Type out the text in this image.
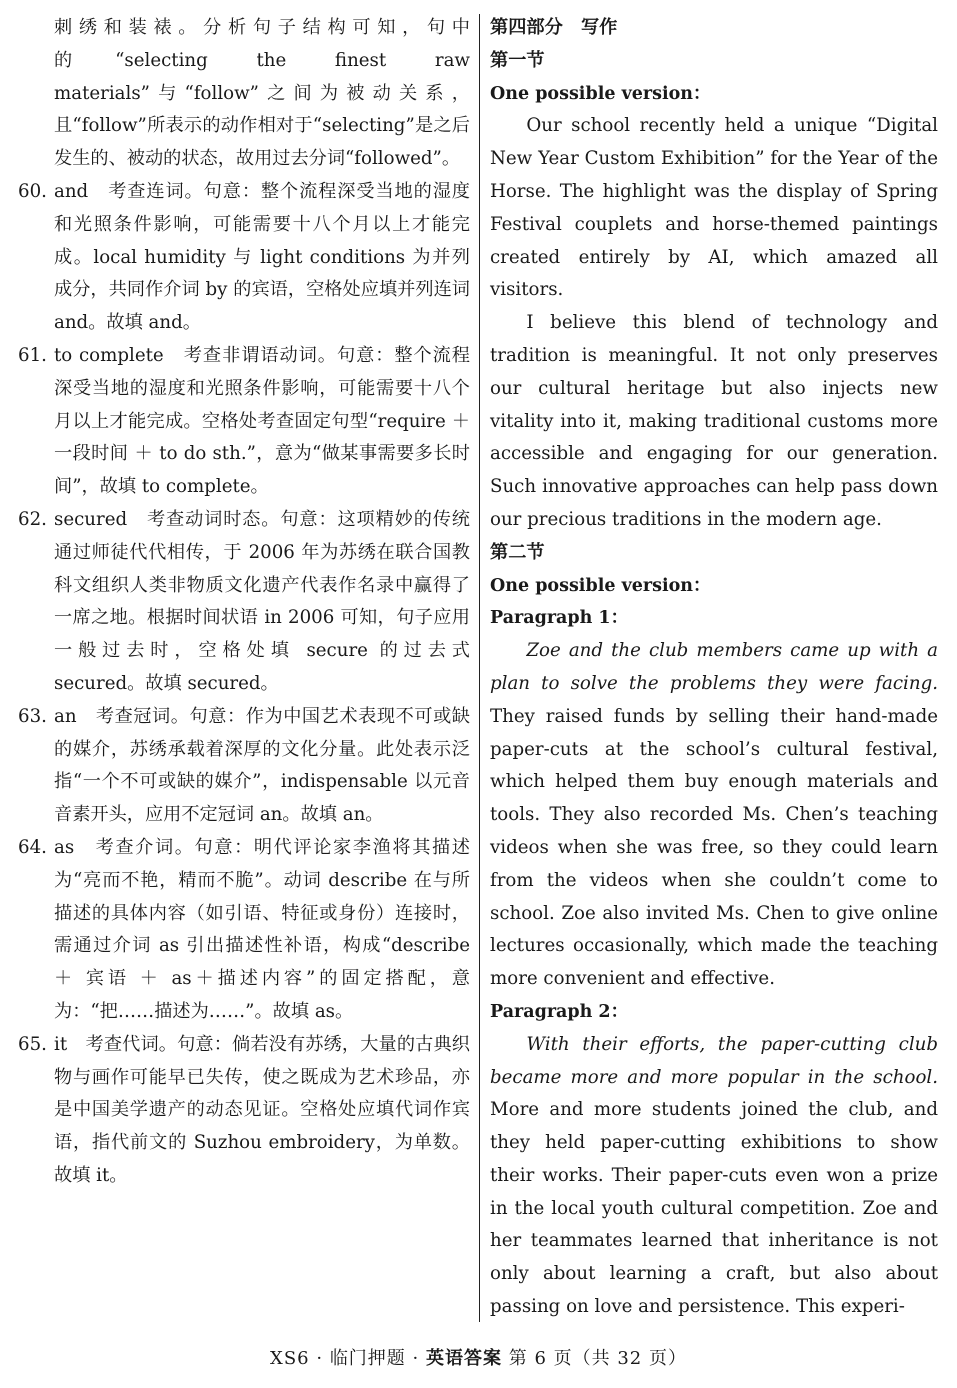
刺绣和装裱。分析句子结构可知，句中的“selecting the finest raw materials”与“follow”之间为被动关系，且“follow”所表示的动作相对于“selecting”是之后发生的、被动的状态，故用过去分词“followed”。
60. and　考查连词。句意：整个流程深受当地的湿度和光照条件影响，可能需要十八个月以上才能完成。local humidity 与 light conditions 为并列成分，共同作介词 by 的宾语，空格处应填并列连词 and。故填 and。
61. to complete　考查非谓语动词。句意：整个流程深受当地的湿度和光照条件影响，可能需要十八个月以上才能完成。空格处考查固定句型“require ＋ 一段时间 ＋ to do sth.”，意为“做某事需要多长时间”，故填 to complete。
62. secured　考查动词时态。句意：这项精妙的传统通过师徒代代相传，于 2006 年为苏绣在联合国教科文组织人类非物质文化遗产代表作名录中赢得了一席之地。根据时间状语 in 2006 可知，句子应用一般过去时，空格处填 secure 的过去式 secured。故填 secured。
63. an　考查冠词。句意：作为中国艺术表现不可或缺的媒介，苏绣承载着深厚的文化分量。此处表示泛指“一个不可或缺的媒介”，indispensable 以元音音素开头，应用不定冠词 an。故填 an。
64. as　考查介词。句意：明代评论家李渔将其描述为“亮而不艳，精而不脆”。动词 describe 在与所描述的具体内容（如引语、特征或身份）连接时，需通过介词 as 引出描述性补语，构成“describe ＋ 宾语 ＋ as＋描述内容”的固定搭配，意为：“把……描述为……”。故填 as。
65. it　考查代词。句意：倘若没有苏绣，大量的古典织物与画作可能早已失传，使之既成为艺术珍品，亦是中国美学遗产的动态见证。空格处应填代词作宾语，指代前文的 Suzhou embroidery，为单数。故填 it。
第四部分　写作
第一节
One possible version：
Our school recently held a unique “Digital New Year Custom Exhibition” for the Year of the Horse. The highlight was the display of Spring Festival couplets and horse-themed paintings created entirely by AI, which amazed all visitors.
I believe this blend of technology and tradition is meaningful. It not only preserves our cultural heritage but also injects new vitality into it, making traditional customs more accessible and engaging for our generation. Such innovative approaches can help pass down our precious traditions in the modern age.
第二节
One possible version：
Paragraph 1：
Zoe and the club members came up with a plan to solve the problems they were facing. They raised funds by selling their hand-made paper-cuts at the school’s cultural festival, which helped them buy enough materials and tools. They also recorded Ms. Chen’s teaching videos when she was free, so they could learn from the videos when she couldn’t come to school. Zoe also invited Ms. Chen to give online lectures occasionally, which made the teaching more convenient and effective.
Paragraph 2：
With their efforts, the paper-cutting club became more and more popular in the school. More and more students joined the club, and they held paper-cutting exhibitions to show their works. Their paper-cuts even won a prize in the local youth cultural competition. Zoe and her teammates learned that inheritance is not only about learning a craft, but also about passing on love and persistence. This experi-
XS6 · 临门押题 · 英语答案 第 6 页（共 32 页）
